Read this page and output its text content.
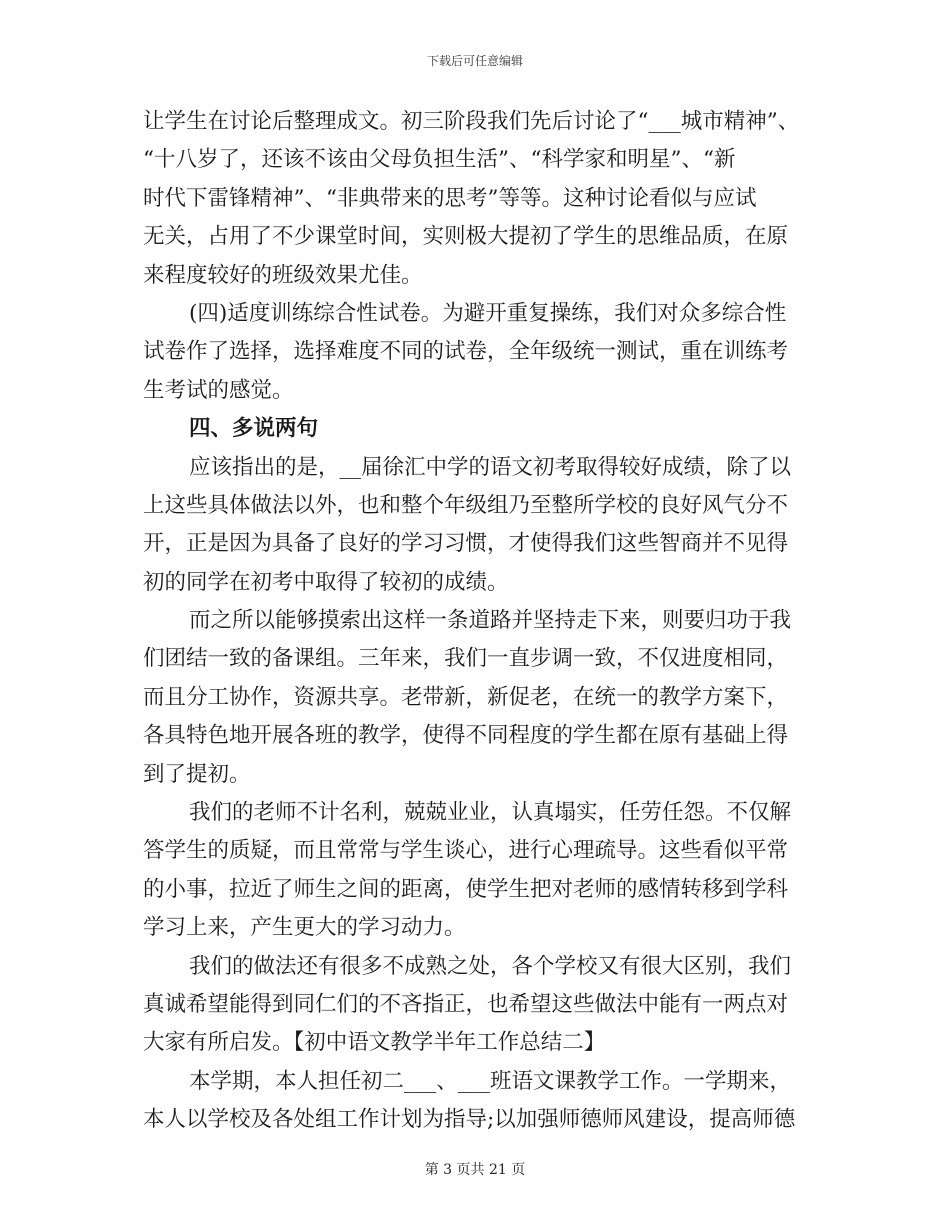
下载后可任意编辑
让学生在讨论后整理成文。初三阶段我们先后讨论了“___城市精神”、
“十八岁了，还该不该由父母负担生活”、“科学家和明星”、“新
时代下雷锋精神”、“非典带来的思考”等等。这种讨论看似与应试
无关，占用了不少课堂时间，实则极大提初了学生的思维品质，在原
来程度较好的班级效果尤佳。
(四)适度训练综合性试卷。为避开重复操练，我们对众多综合性
试卷作了选择，选择难度不同的试卷，全年级统一测试，重在训练考
生考试的感觉。
四、多说两句
应该指出的是，__届徐汇中学的语文初考取得较好成绩，除了以
上这些具体做法以外，也和整个年级组乃至整所学校的良好风气分不
开，正是因为具备了良好的学习习惯，才使得我们这些智商并不见得
初的同学在初考中取得了较初的成绩。
而之所以能够摸索出这样一条道路并坚持走下来，则要归功于我
们团结一致的备课组。三年来，我们一直步调一致，不仅进度相同，
而且分工协作，资源共享。老带新，新促老，在统一的教学方案下，
各具特色地开展各班的教学，使得不同程度的学生都在原有基础上得
到了提初。
我们的老师不计名利，兢兢业业，认真塌实，任劳任怨。不仅解
答学生的质疑，而且常常与学生谈心，进行心理疏导。这些看似平常
的小事，拉近了师生之间的距离，使学生把对老师的感情转移到学科
学习上来，产生更大的学习动力。
我们的做法还有很多不成熟之处，各个学校又有很大区别，我们
真诚希望能得到同仁们的不吝指正，也希望这些做法中能有一两点对
大家有所启发。【初中语文教学半年工作总结二】
本学期，本人担任初二___、___班语文课教学工作。一学期来，
本人以学校及各处组工作计划为指导;以加强师德师风建设，提高师德
第 3 页共 21 页
